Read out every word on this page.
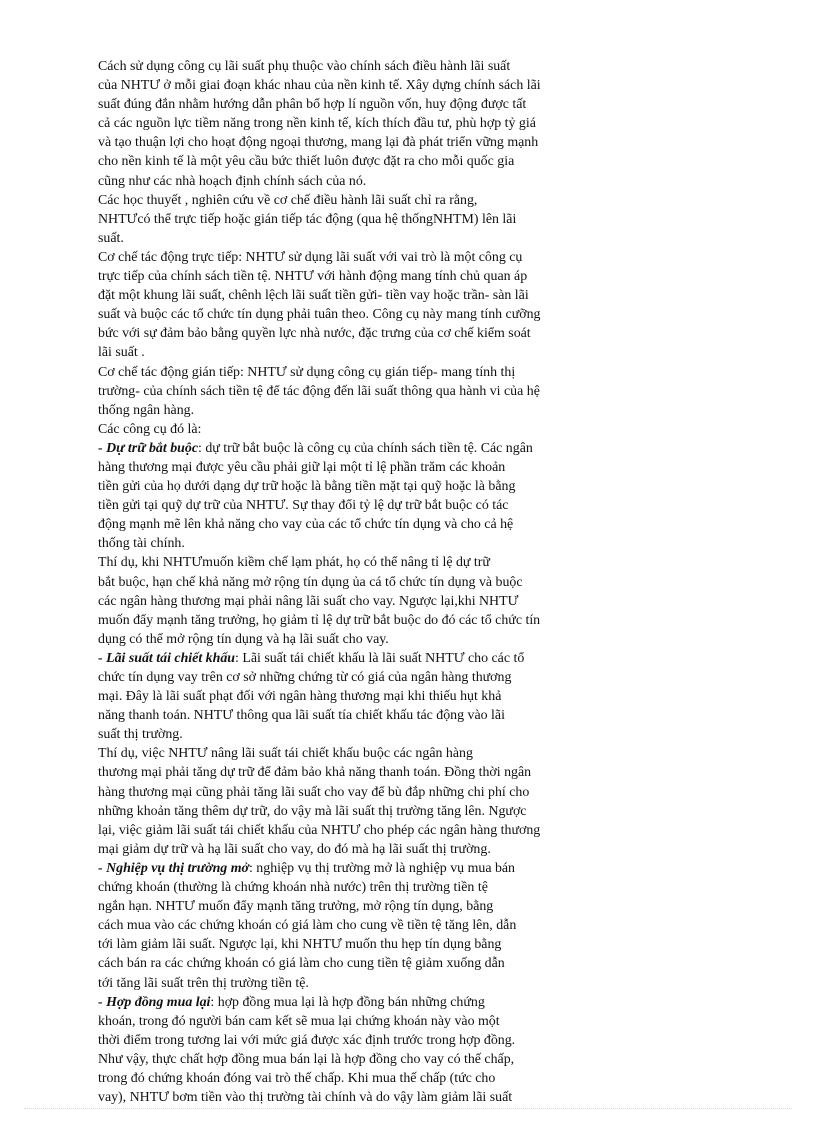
Cách sử dụng công cụ lãi suất phụ thuộc vào chính sách điều hành lãi suất
của NHTƯ ở mỗi giai đoạn khác nhau của nền kinh tế. Xây dựng chính sách lãi
suất đúng đắn nhằm hướng dẫn phân bổ hợp lí nguồn vốn, huy động được tất
cả các nguồn lực tiềm năng trong nền kinh tế, kích thích đầu tư, phù hợp tỷ giá
và tạo thuận lợi cho hoạt động ngoại thương, mang lại đà phát triển vững mạnh
cho nền kinh tế là một yêu cầu bức thiết luôn được đặt ra cho mỗi quốc gia
cũng như các nhà hoạch định chính sách của nó.
Các học thuyết , nghiên cứu về cơ chế điều hành lãi suất chỉ ra rằng,
NHTƯcó thể trực tiếp hoặc gián tiếp tác động (qua hệ thốngNHTM) lên lãi
suất.
Cơ chế tác động trực tiếp: NHTƯ sử dụng lãi suất với vai trò là một công cụ
trực tiếp của chính sách tiền tệ. NHTƯ với hành động mang tính chủ quan áp
đặt một khung lãi suất, chênh lệch lãi suất tiền gửi- tiền vay hoặc trần- sàn lãi
suất và buộc các tổ chức tín dụng phải tuân theo. Công cụ này mang tính cưỡng
bức với sự đảm bảo bằng quyền lực nhà nước, đặc trưng của cơ chế kiểm soát
lãi suất .
Cơ chế tác động gián tiếp: NHTƯ sử dụng công cụ gián tiếp- mang tính thị
trường- của chính sách tiền tệ để tác động đến lãi suất thông qua hành vi của hệ
thống ngân hàng.
Các công cụ đó là:
- Dự trữ bắt buộc: dự trữ bắt buộc là công cụ của chính sách tiền tệ. Các ngân
hàng thương mại được yêu cầu phải giữ lại một tỉ lệ phần trăm các khoản
tiền gửi của họ dưới dạng dự trữ hoặc là bằng tiền mặt tại quỹ hoặc là bằng
tiền gửi tại quỹ dự trữ của NHTƯ. Sự thay đổi tỷ lệ dự trữ bắt buộc có tác
động mạnh mẽ lên khả năng cho vay của các tổ chức tín dụng và cho cả hệ
thống tài chính.
Thí dụ, khi NHTƯmuốn kiềm chế lạm phát, họ có thể nâng tỉ lệ dự trữ
bắt buộc, hạn chế khả năng mở rộng tín dụng ủa cá tổ chức tín dụng và buộc
các ngân hàng thương mại phải nâng lãi suất cho vay. Ngược lại,khi NHTƯ
muốn đẩy mạnh tăng trưởng, họ giảm tỉ lệ dự trữ bắt buộc do đó các tổ chức tín
dụng có thể mở rộng tín dụng và hạ lãi suất cho vay.
- Lãi suất tái chiết khấu: Lãi suất tái chiết khấu là lãi suất NHTƯ cho các tổ
chức tín dụng vay trên cơ sở những chứng từ có giá của ngân hàng thương
mại. Đây là lãi suất phạt đối với ngân hàng thương mại khi thiếu hụt khả
năng thanh toán. NHTƯ thông qua lãi suất tía chiết khấu tác động vào lãi
suất thị trường.
Thí dụ, việc NHTƯ nâng lãi suất tái chiết khấu buộc các ngân hàng
thương mại phải tăng dự trữ để đảm bảo khả năng thanh toán. Đồng thời ngân
hàng thương mại cũng phải tăng lãi suất cho vay để bù đắp những chi phí cho
những khoản tăng thêm dự trữ, do vậy mà lãi suất thị trường tăng lên. Ngược
lại, việc giảm lãi suất tái chiết khấu của NHTƯ cho phép các ngân hàng thương
mại giảm dự trữ và hạ lãi suất cho vay, do đó mà hạ lãi suất thị trường.
- Nghiệp vụ thị trường mở: nghiệp vụ thị trường mở là nghiệp vụ mua bán
chứng khoán (thường là chứng khoán nhà nước) trên thị trường tiền tệ
ngắn hạn. NHTƯ muốn đẩy mạnh tăng trưởng, mở rộng tín dụng, bằng
cách mua vào các chứng khoán có giá làm cho cung về tiền tệ tăng lên, dẫn
tới làm giảm lãi suất. Ngược lại, khi NHTƯ muốn thu hẹp tín dụng bằng
cách bán ra các chứng khoán có giá làm cho cung tiền tệ giảm xuống dẫn
tới tăng lãi suất trên thị trường tiền tệ.
- Hợp đồng mua lại: hợp đồng mua lại là hợp đồng bán những chứng
khoán, trong đó người bán cam kết sẽ mua lại chứng khoán này vào một
thời điểm trong tương lai với mức giá được xác định trước trong hợp đồng.
Như vậy, thực chất hợp đồng mua bán lại là hợp đồng cho vay có thế chấp,
trong đó chứng khoán đóng vai trò thế chấp. Khi mua thế chấp (tức cho
vay), NHTƯ bơm tiền vào thị trường tài chính và do vậy làm giảm lãi suất
